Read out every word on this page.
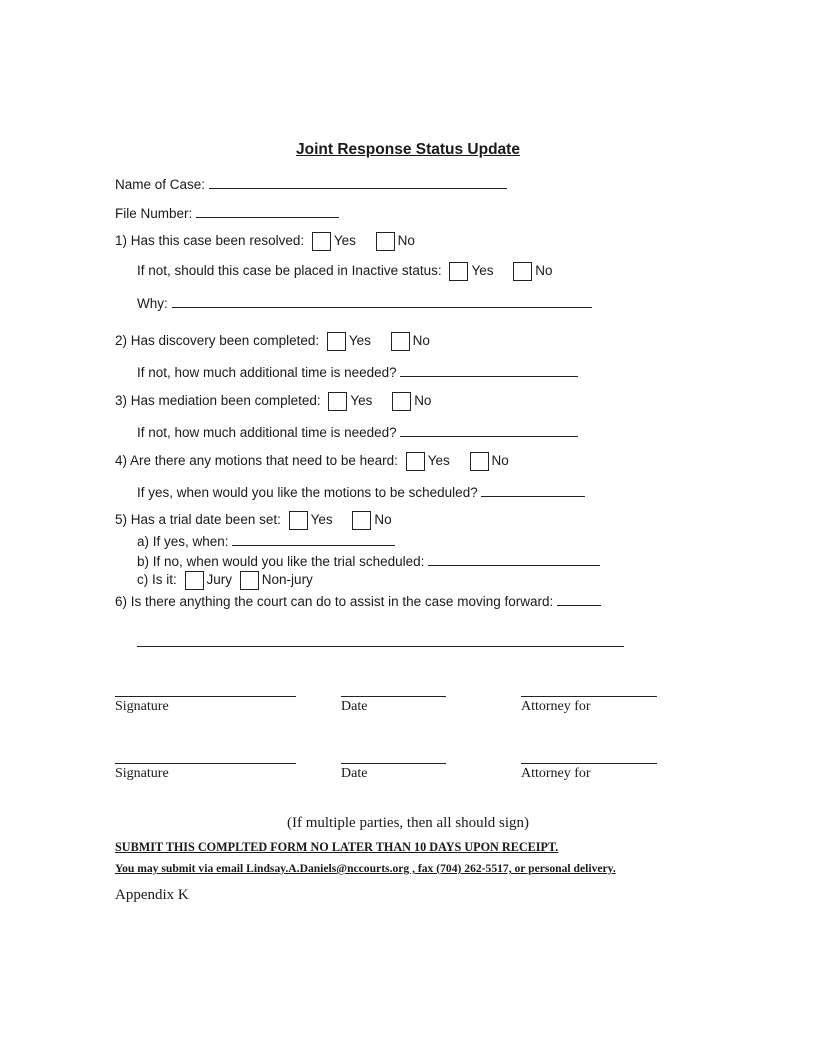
Joint Response Status Update
Name of Case:
File Number:
1) Has this case been resolved: Yes	No
If not, should this case be placed in Inactive status: Yes	No
Why:
2) Has discovery been completed: Yes	No
If not, how much additional time is needed?
3) Has mediation been completed: Yes	No
If not, how much additional time is needed?
4) Are there any motions that need to be heard: Yes	No
If yes, when would you like the motions to be scheduled?
5) Has a trial date been set: Yes	No
a) If yes, when:
b) If no, when would you like the trial scheduled:
c) Is it: Jury Non-jury
6) Is there anything the court can do to assist in the case moving forward:
Signature	Date	Attorney for
Signature	Date	Attorney for
(If multiple parties, then all should sign)
SUBMIT THIS COMPLTED FORM NO LATER THAN 10 DAYS UPON RECEIPT.
You may submit via email Lindsay.A.Daniels@nccourts.org , fax (704) 262-5517, or personal delivery.
Appendix K
